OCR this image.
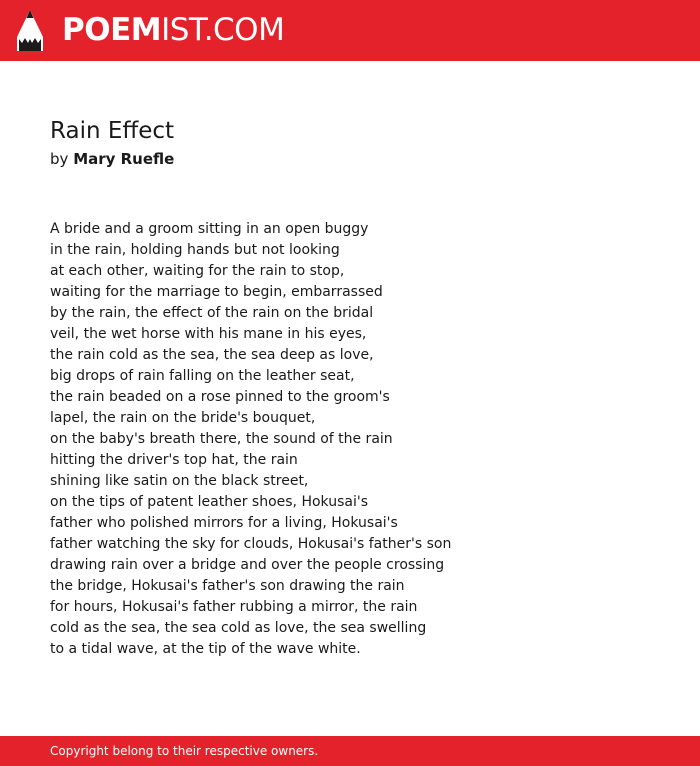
POEMIST.COM
Rain Effect
by Mary Ruefle
A bride and a groom sitting in an open buggy
in the rain, holding hands but not looking
at each other, waiting for the rain to stop,
waiting for the marriage to begin, embarrassed
by the rain, the effect of the rain on the bridal
veil, the wet horse with his mane in his eyes,
the rain cold as the sea, the sea deep as love,
big drops of rain falling on the leather seat,
the rain beaded on a rose pinned to the groom's
lapel, the rain on the bride's bouquet,
on the baby's breath there, the sound of the rain
hitting the driver's top hat, the rain
shining like satin on the black street,
on the tips of patent leather shoes, Hokusai's
father who polished mirrors for a living, Hokusai's
father watching the sky for clouds, Hokusai's father's son
drawing rain over a bridge and over the people crossing
the bridge, Hokusai's father's son drawing the rain
for hours, Hokusai's father rubbing a mirror, the rain
cold as the sea, the sea cold as love, the sea swelling
to a tidal wave, at the tip of the wave white.
Copyright belong to their respective owners.
